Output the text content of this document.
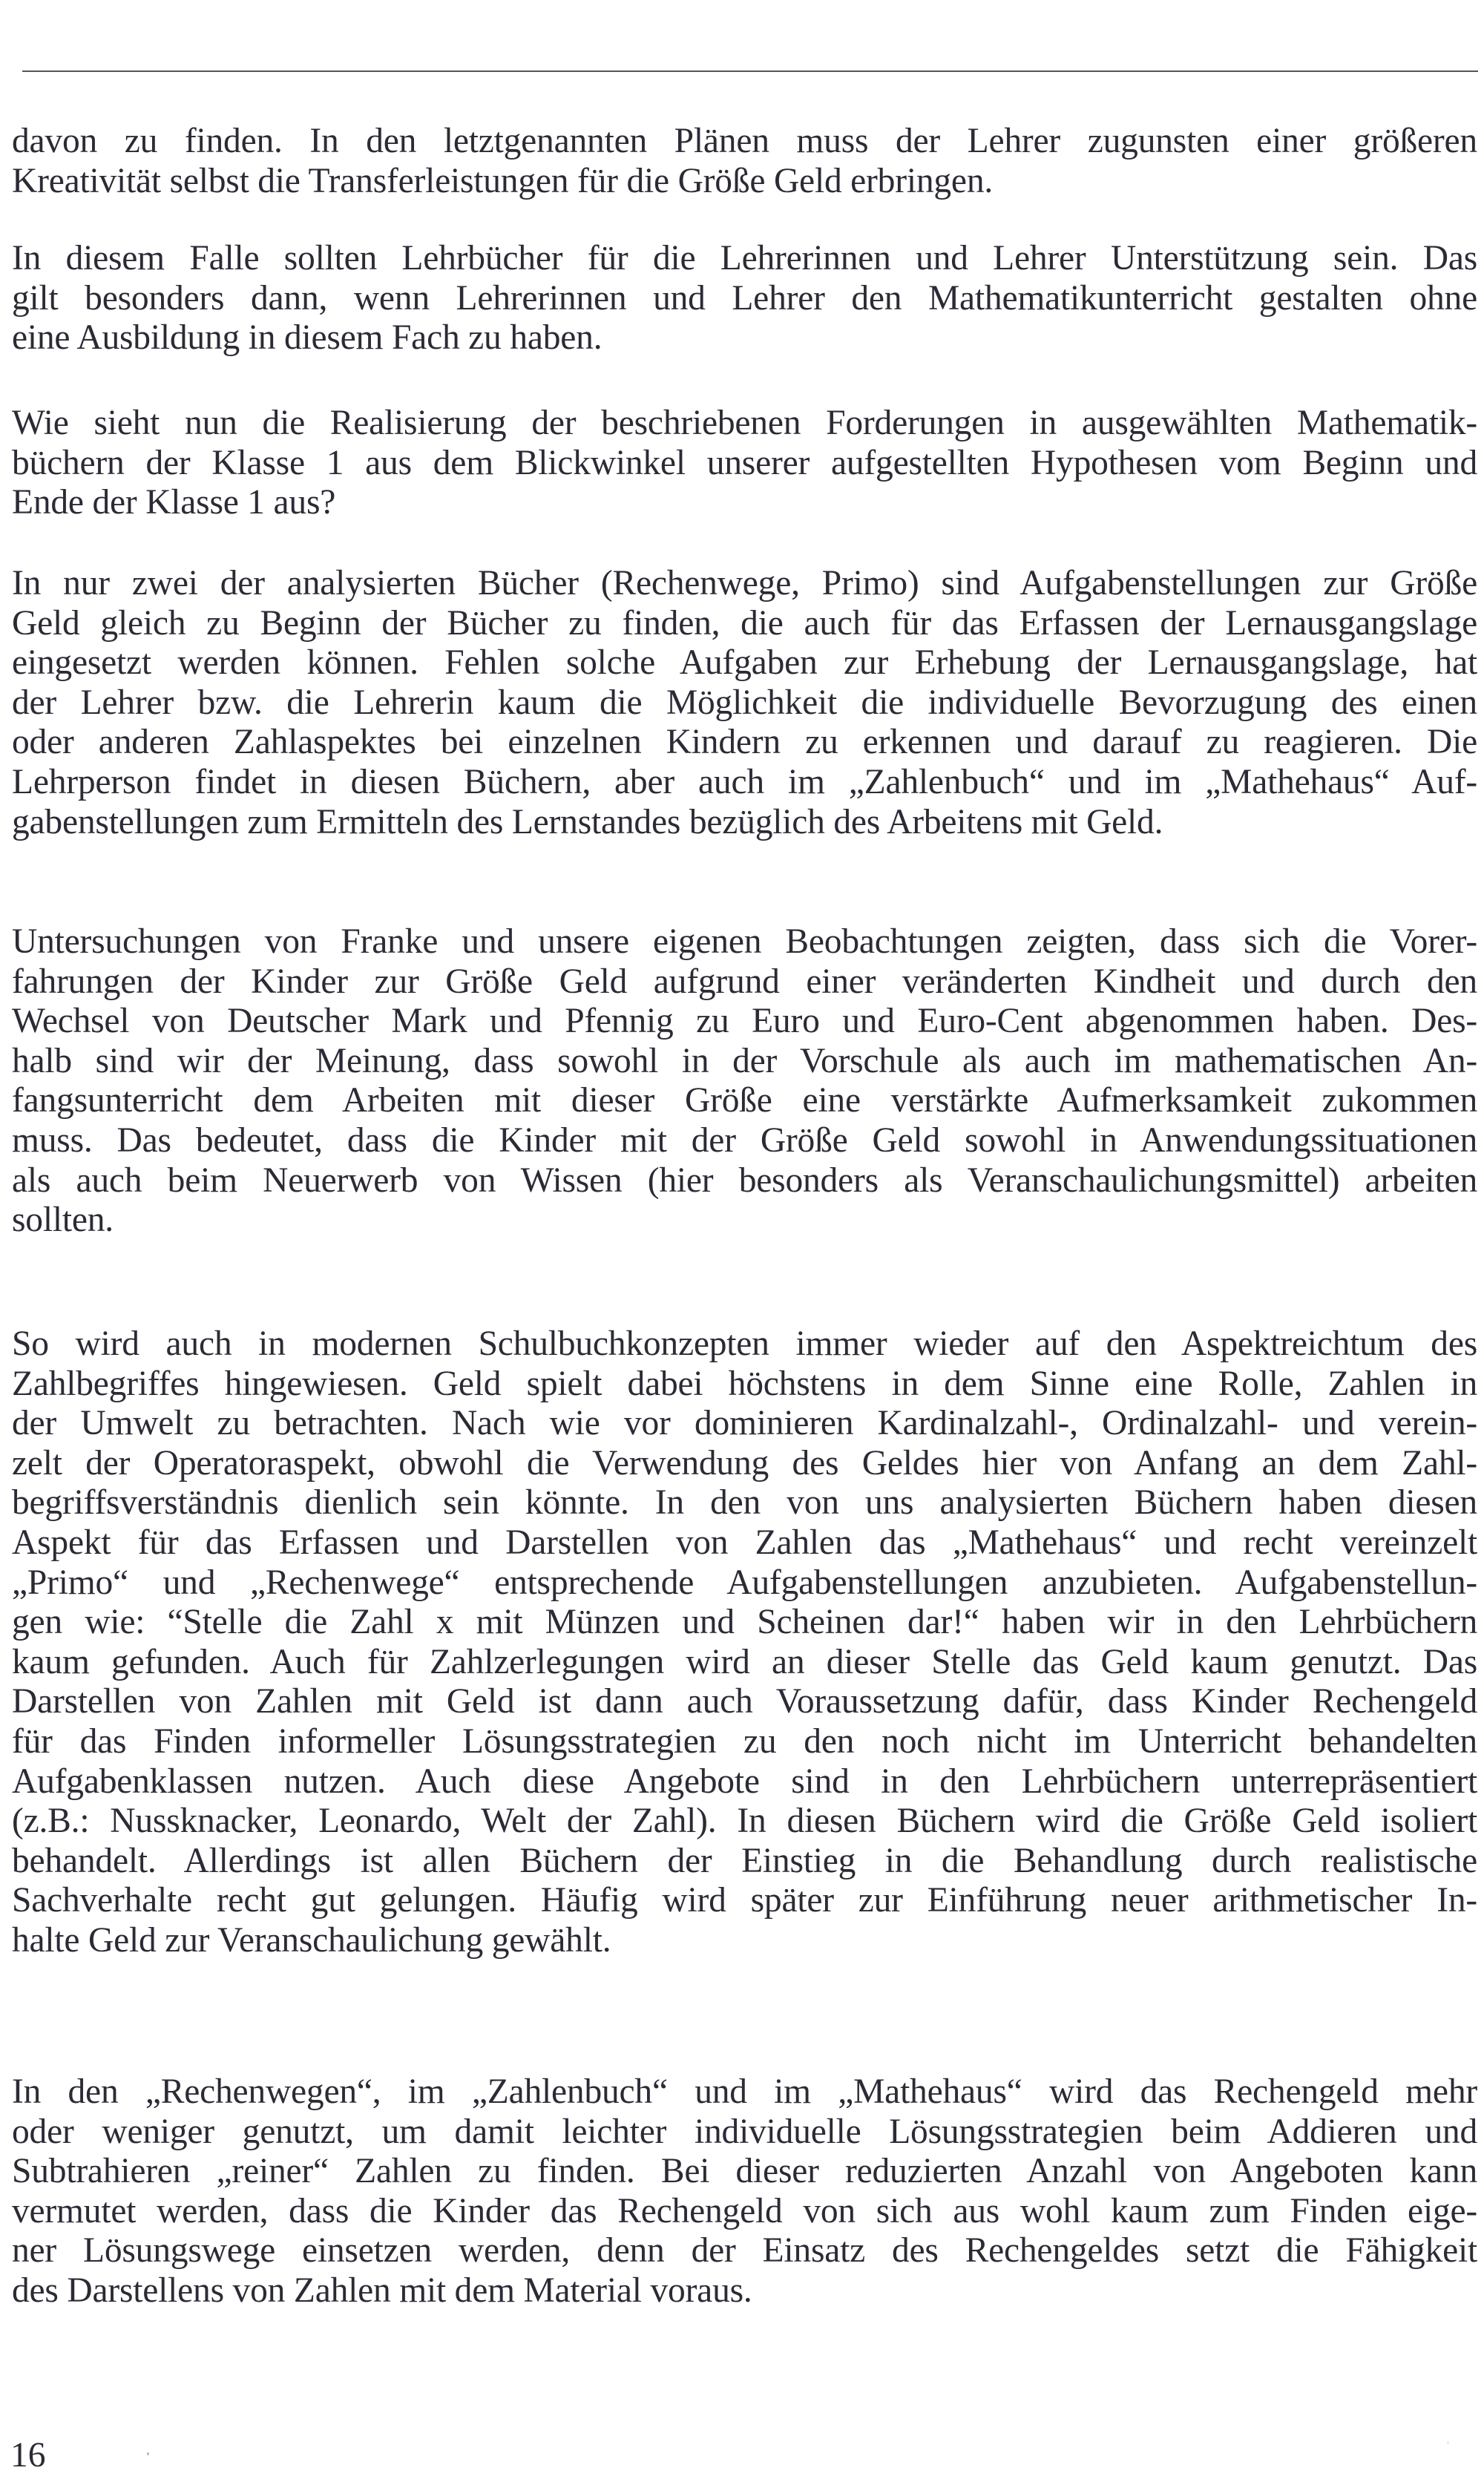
davon zu finden. In den letztgenannten Plänen muss der Lehrer zugunsten einer größeren
Kreativität selbst die Transferleistungen für die Größe Geld erbringen.

In diesem Falle sollten Lehrbücher für die Lehrerinnen und Lehrer Unterstützung sein. Das
gilt besonders dann, wenn Lehrerinnen und Lehrer den Mathematikunterricht gestalten ohne
eine Ausbildung in diesem Fach zu haben.

Wie sieht nun die Realisierung der beschriebenen Forderungen in ausgewählten Mathematik-
büchern der Klasse 1 aus dem Blickwinkel unserer aufgestellten Hypothesen vom Beginn und
Ende der Klasse 1 aus?

In nur zwei der analysierten Bücher (Rechenwege, Primo) sind Aufgabenstellungen zur Größe
Geld gleich zu Beginn der Bücher zu finden, die auch für das Erfassen der Lernausgangslage
eingesetzt werden können. Fehlen solche Aufgaben zur Erhebung der Lernausgangslage, hat
der Lehrer bzw. die Lehrerin kaum die Möglichkeit die individuelle Bevorzugung des einen
oder anderen Zahlaspektes bei einzelnen Kindern zu erkennen und darauf zu reagieren. Die
Lehrperson findet in diesen Büchern, aber auch im „Zahlenbuch“ und im „Mathehaus“ Auf-
gabenstellungen zum Ermitteln des Lernstandes bezüglich des Arbeitens mit Geld.

Untersuchungen von Franke und unsere eigenen Beobachtungen zeigten, dass sich die Vorer-
fahrungen der Kinder zur Größe Geld aufgrund einer veränderten Kindheit und durch den
Wechsel von Deutscher Mark und Pfennig zu Euro und Euro-Cent abgenommen haben. Des-
halb sind wir der Meinung, dass sowohl in der Vorschule als auch im mathematischen An-
fangsunterricht dem Arbeiten mit dieser Größe eine verstärkte Aufmerksamkeit zukommen
muss. Das bedeutet, dass die Kinder mit der Größe Geld sowohl in Anwendungssituationen
als auch beim Neuerwerb von Wissen (hier besonders als Veranschaulichungsmittel) arbeiten
sollten.

So wird auch in modernen Schulbuchkonzepten immer wieder auf den Aspektreichtum des
Zahlbegriffes hingewiesen. Geld spielt dabei höchstens in dem Sinne eine Rolle, Zahlen in
der Umwelt zu betrachten. Nach wie vor dominieren Kardinalzahl-, Ordinalzahl- und verein-
zelt der Operatoraspekt, obwohl die Verwendung des Geldes hier von Anfang an dem Zahl-
begriffsverständnis dienlich sein könnte. In den von uns analysierten Büchern haben diesen
Aspekt für das Erfassen und Darstellen von Zahlen das „Mathehaus“ und recht vereinzelt
„Primo“ und „Rechenwege“ entsprechende Aufgabenstellungen anzubieten. Aufgabenstellun-
gen wie: “Stelle die Zahl x mit Münzen und Scheinen dar!“ haben wir in den Lehrbüchern
kaum gefunden. Auch für Zahlzerlegungen wird an dieser Stelle das Geld kaum genutzt. Das
Darstellen von Zahlen mit Geld ist dann auch Voraussetzung dafür, dass Kinder Rechengeld
für das Finden informeller Lösungsstrategien zu den noch nicht im Unterricht behandelten
Aufgabenklassen nutzen. Auch diese Angebote sind in den Lehrbüchern unterrepräsentiert
(z.B.: Nussknacker, Leonardo, Welt der Zahl). In diesen Büchern wird die Größe Geld isoliert
behandelt. Allerdings ist allen Büchern der Einstieg in die Behandlung durch realistische
Sachverhalte recht gut gelungen. Häufig wird später zur Einführung neuer arithmetischer In-
halte Geld zur Veranschaulichung gewählt.

In den „Rechenwegen“, im „Zahlenbuch“ und im „Mathehaus“ wird das Rechengeld mehr
oder weniger genutzt, um damit leichter individuelle Lösungsstrategien beim Addieren und
Subtrahieren „reiner“ Zahlen zu finden. Bei dieser reduzierten Anzahl von Angeboten kann
vermutet werden, dass die Kinder das Rechengeld von sich aus wohl kaum zum Finden eige-
ner Lösungswege einsetzen werden, denn der Einsatz des Rechengeldes setzt die Fähigkeit
des Darstellens von Zahlen mit dem Material voraus.

16
